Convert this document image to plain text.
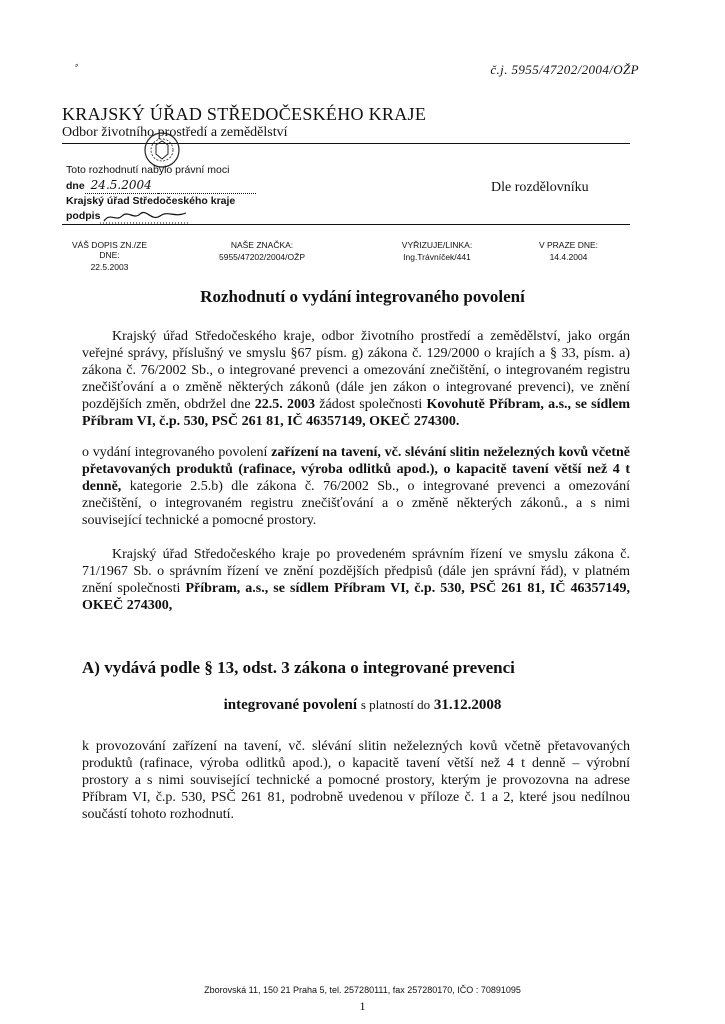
⸗	č.j. 5955/47202/2004/OŽP
KRAJSKÝ ÚŘAD STŘEDOČESKÉHO KRAJE
Odbor životního prostředí a zemědělství
Toto rozhodnutí nabylo právní moci
dne 24.5.2004
Krajský úřad Středočeského kraje
podpis
Dle rozdělovníku
VÁŠ DOPIS ZN./ZE DNE:
22.5.2003
NAŠE ZNAČKA:
5955/47202/2004/OŽP
VYŘIZUJE/LINKA:
Ing.Trávníček/441
V PRAZE DNE:
14.4.2004
Rozhodnutí o vydání integrovaného povolení
Krajský úřad Středočeského kraje, odbor životního prostředí a zemědělství, jako orgán veřejné správy, příslušný ve smyslu §67 písm. g) zákona č. 129/2000 o krajích a § 33, písm. a) zákona č. 76/2002 Sb., o integrované prevenci a omezování znečištění, o integrovaném registru znečišťování a o změně některých zákonů (dále jen zákon o integrované prevenci), ve znění pozdějších změn, obdržel dne 22.5. 2003 žádost společnosti Kovohutě Příbram, a.s., se sídlem Příbram VI, č.p. 530, PSČ 261 81, IČ 46357149, OKEČ 274300.
o vydání integrovaného povolení zařízení na tavení, vč. slévání slitin neželezných kovů včetně přetavovaných produktů (rafinace, výroba odlitků apod.), o kapacitě tavení větší než 4 t denně, kategorie 2.5.b) dle zákona č. 76/2002 Sb., o integrované prevenci a omezování znečištění, o integrovaném registru znečišťování a o změně některých zákonů., a s nimi související technické a pomocné prostory.
Krajský úřad Středočeského kraje po provedeném správním řízení ve smyslu zákona č. 71/1967 Sb. o správním řízení ve znění pozdějších předpisů (dále jen správní řád), v platném znění společnosti Příbram, a.s., se sídlem Příbram VI, č.p. 530, PSČ 261 81, IČ 46357149, OKEČ 274300,
A) vydává podle § 13, odst. 3 zákona o integrované prevenci
integrované povolení s platností do 31.12.2008
k provozování zařízení na tavení, vč. slévání slitin neželezných kovů včetně přetavovaných produktů (rafinace, výroba odlitků apod.), o kapacitě tavení větší než 4 t denně – výrobní prostory a s nimi související technické a pomocné prostory, kterým je provozovna na adrese Příbram VI, č.p. 530, PSČ 261 81, podrobně uvedenou v příloze č. 1 a 2, které jsou nedílnou součástí tohoto rozhodnutí.
Zborovská 11, 150 21 Praha 5, tel. 257280111, fax 257280170, IČO : 70891095
1
